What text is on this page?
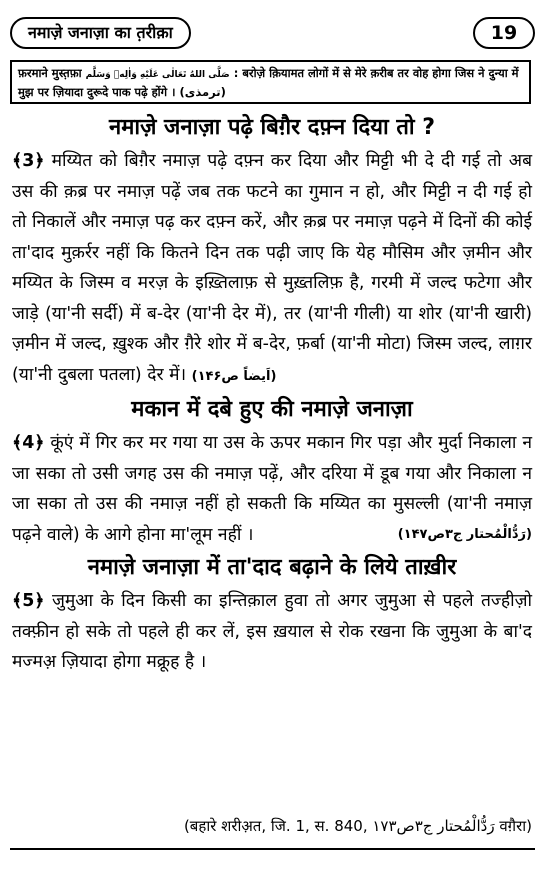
नमाज़े जनाज़ा का त़रीक़ा	19
फ़रमाने मुस्त़फ़ा صَلَّى اللهُ تَعَالٰى عَلَيْهِ وَاٰلِهٖ وَسَلَّم : बरोज़े क़ियामत लोगों में से मेरे क़रीब तर वोह होगा जिस ने दुन्या में मुझ पर ज़ियादा दुरूदे पाक पढ़े होंगे । (ترمذی)
नमाज़े जनाज़ा पढ़े बिग़ैर दफ़्न दिया तो ?

﴾3﴿ मय्यित को बिग़ैर नमाज़ पढ़े दफ़्न कर दिया और मिट्टी भी दे दी गई तो अब उस की क़ब्र पर नमाज़ पढ़ें जब तक फटने का गुमान न हो, और मिट्टी न दी गई हो तो निकालें और नमाज़ पढ़ कर दफ़्न करें, और क़ब्र पर नमाज़ पढ़ने में दिनों की कोई ता'दाद मुक़र्रर नहीं कि कितने दिन तक पढ़ी जाए कि येह मौसिम और ज़मीन और मय्यित के जिस्म व मरज़ के इख़्तिलाफ़ से मुख़्तलिफ़ है, गरमी में जल्द फटेगा और जाड़े (या'नी सर्दी) में ब-देर (या'नी देर में), तर (या'नी गीली) या शोर (या'नी खारी) ज़मीन में जल्द, ख़ुश्क और ग़ैरे शोर में ब-देर, फ़र्बा (या'नी मोटा) जिस्म जल्द, लाग़र (या'नी दुबला पतला) देर में। (اَیضاً ص۱۴۶)

मकान में दबे हुए की नमाज़े जनाज़ा

﴾4﴿ कूंएं में गिर कर मर गया या उस के ऊपर मकान गिर पड़ा और मुर्दा निकाला न जा सका तो उसी जगह उस की नमाज़ पढ़ें, और दरिया में डूब गया और निकाला न जा सका तो उस की नमाज़ नहीं हो सकती कि मय्यित का मुसल्ली (या'नी नमाज़ पढ़ने वाले) के आगे होना मा'लूम नहीं ।	(رَدُّالْمُحتار ج۳ص۱۴۷)

नमाज़े जनाज़ा में ता'दाद बढ़ाने के लिये ताख़ीर

﴾5﴿ जुमुआ के दिन किसी का इन्तिक़ाल हुवा तो अगर जुमुआ से पहले तज्हीज़ो तक्फ़ीन हो सके तो पहले ही कर लें, इस ख़याल से रोक रखना कि जुमुआ के बा'द मज्मअ़ ज़ियादा होगा मक्रूह है ।

(बहारे शरीअ़त, जि. 1, स. 840, رَدُّالْمُحتار ج۳ص۱۷۳ वग़ैरा)
